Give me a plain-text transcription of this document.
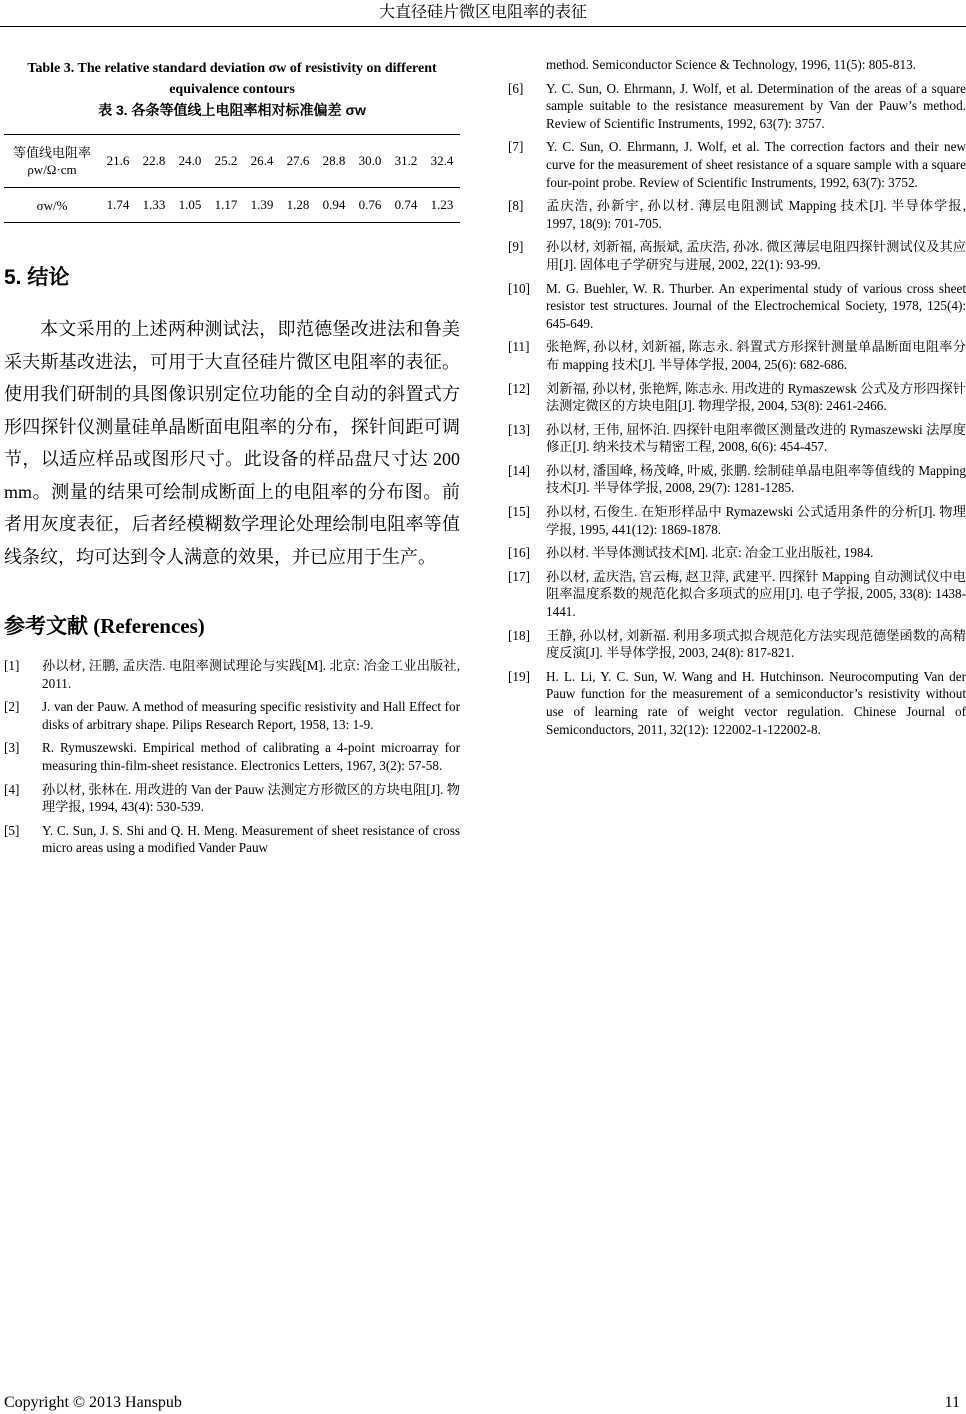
大直径硅片微区电阻率的表征
Table 3. The relative standard deviation σw of resistivity on different equivalence contours
表 3. 各条等值线上电阻率相对标准偏差 σw
等值线电阻率 ρw/Ω·cm	21.6	22.8	24.0	25.2	26.4	27.6	28.8	30.0	31.2	32.4
σw/%	1.74	1.33	1.05	1.17	1.39	1.28	0.94	0.76	0.74	1.23
5. 结论
本文采用的上述两种测试法，即范德堡改进法和鲁美采夫斯基改进法，可用于大直径硅片微区电阻率的表征。使用我们研制的具图像识别定位功能的全自动的斜置式方形四探针仪测量硅单晶断面电阻率的分布，探针间距可调节，以适应样品或图形尺寸。此设备的样品盘尺寸达 200 mm。测量的结果可绘制成断面上的电阻率的分布图。前者用灰度表征，后者经模糊数学理论处理绘制电阻率等值线条纹，均可达到令人满意的效果，并已应用于生产。
参考文献 (References)
[1] 孙以材, 汪鹏, 孟庆浩. 电阻率测试理论与实践[M]. 北京: 冶金工业出版社, 2011.
[2] J. van der Pauw. A method of measuring specific resistivity and Hall Effect for disks of arbitrary shape. Pilips Research Report, 1958, 13: 1-9.
[3] R. Rymuszewski. Empirical method of calibrating a 4-point microarray for measuring thin-film-sheet resistance. Electronics Letters, 1967, 3(2): 57-58.
[4] 孙以材, 张林在. 用改进的 Van der Pauw 法测定方形微区的方块电阻[J]. 物理学报, 1994, 43(4): 530-539.
[5] Y. C. Sun, J. S. Shi and Q. H. Meng. Measurement of sheet resistance of cross micro areas using a modified Vander Pauw
method. Semiconductor Science & Technology, 1996, 11(5): 805-813.
[6] Y. C. Sun, O. Ehrmann, J. Wolf, et al. Determination of the areas of a square sample suitable to the resistance measurement by Van der Pauw’s method. Review of Scientific Instruments, 1992, 63(7): 3757.
[7] Y. C. Sun, O. Ehrmann, J. Wolf, et al. The correction factors and their new curve for the measurement of sheet resistance of a square sample with a square four-point probe. Review of Scientific Instruments, 1992, 63(7): 3752.
[8] 孟庆浩, 孙新宇, 孙以材. 薄层电阻测试 Mapping 技术[J]. 半导体学报, 1997, 18(9): 701-705.
[9] 孙以材, 刘新福, 高振斌, 孟庆浩, 孙冰. 微区薄层电阻四探针测试仪及其应用[J]. 固体电子学研究与进展, 2002, 22(1): 93-99.
[10] M. G. Buehler, W. R. Thurber. An experimental study of various cross sheet resistor test structures. Journal of the Electrochemical Society, 1978, 125(4): 645-649.
[11] 张艳辉, 孙以材, 刘新福, 陈志永. 斜置式方形探针测量单晶断面电阻率分布 mapping 技术[J]. 半导体学报, 2004, 25(6): 682-686.
[12] 刘新福, 孙以材, 张艳辉, 陈志永. 用改进的 Rymaszewsk 公式及方形四探针法测定微区的方块电阻[J]. 物理学报, 2004, 53(8): 2461-2466.
[13] 孙以材, 王伟, 屈怀泊. 四探针电阻率微区测量改进的 Rymaszewski 法厚度修正[J]. 纳米技术与精密工程, 2008, 6(6): 454-457.
[14] 孙以材, 潘国峰, 杨茂峰, 叶威, 张鹏. 绘制硅单晶电阻率等值线的 Mapping 技术[J]. 半导体学报, 2008, 29(7): 1281-1285.
[15] 孙以材, 石俊生. 在矩形样品中 Rymazewski 公式适用条件的分析[J]. 物理学报, 1995, 441(12): 1869-1878.
[16] 孙以材. 半导体测试技术[M]. 北京: 冶金工业出版社, 1984.
[17] 孙以材, 孟庆浩, 宫云梅, 赵卫萍, 武建平. 四探针 Mapping 自动测试仪中电阻率温度系数的规范化拟合多项式的应用[J]. 电子学报, 2005, 33(8): 1438-1441.
[18] 王静, 孙以材, 刘新福. 利用多项式拟合规范化方法实现范德堡函数的高精度反演[J]. 半导体学报, 2003, 24(8): 817-821.
[19] H. L. Li, Y. C. Sun, W. Wang and H. Hutchinson. Neurocomputing Van der Pauw function for the measurement of a semiconductor’s resistivity without use of learning rate of weight vector regulation. Chinese Journal of Semiconductors, 2011, 32(12): 122002-1-122002-8.
Copyright © 2013 Hanspub	11
